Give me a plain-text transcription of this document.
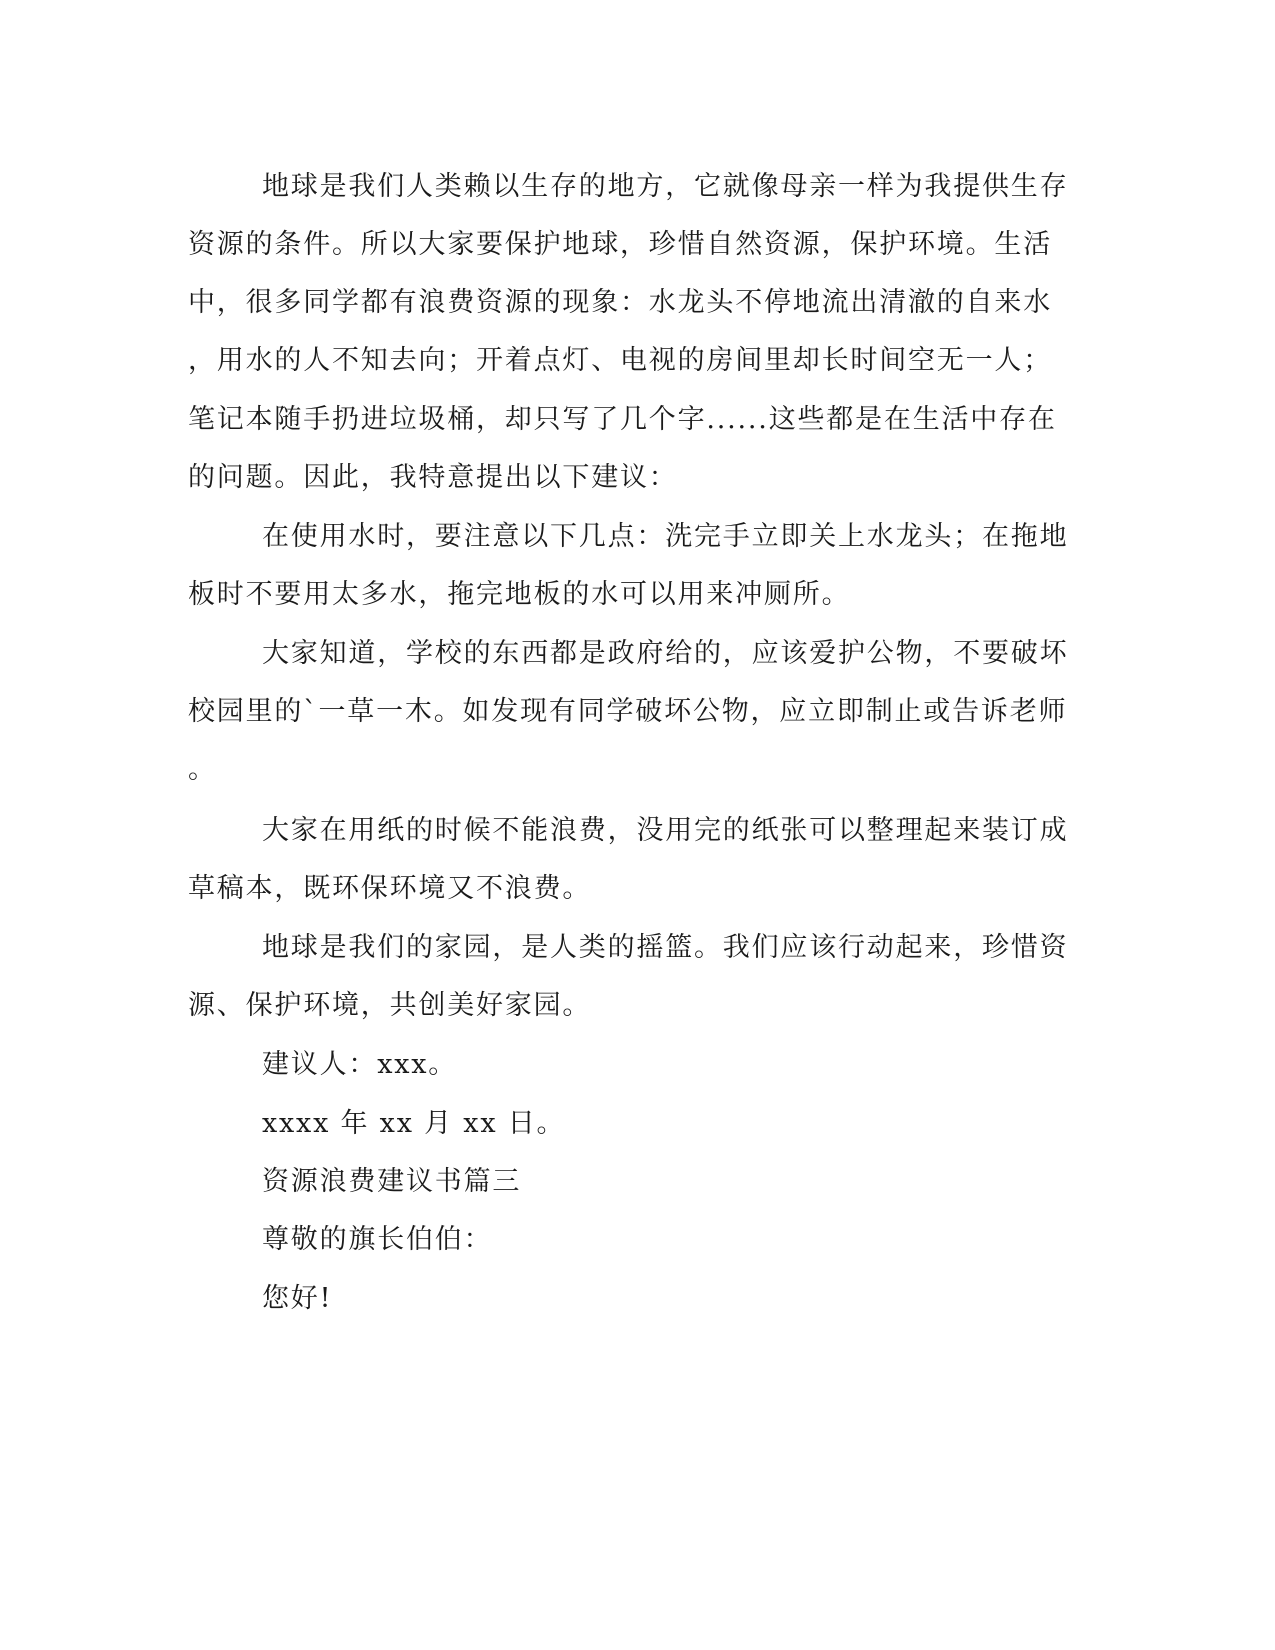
地球是我们人类赖以生存的地方，它就像母亲一样为我提供生存
资源的条件。所以大家要保护地球，珍惜自然资源，保护环境。生活
中，很多同学都有浪费资源的现象：水龙头不停地流出清澈的自来水
，用水的人不知去向；开着点灯、电视的房间里却长时间空无一人；
笔记本随手扔进垃圾桶，却只写了几个字......这些都是在生活中存在
的问题。因此，我特意提出以下建议：
在使用水时，要注意以下几点：洗完手立即关上水龙头；在拖地
板时不要用太多水，拖完地板的水可以用来冲厕所。
大家知道，学校的东西都是政府给的，应该爱护公物，不要破坏
校园里的`一草一木。如发现有同学破坏公物，应立即制止或告诉老师
。
大家在用纸的时候不能浪费，没用完的纸张可以整理起来装订成
草稿本，既环保环境又不浪费。
地球是我们的家园，是人类的摇篮。我们应该行动起来，珍惜资
源、保护环境，共创美好家园。
建议人：xxx。
xxxx 年 xx 月 xx 日。
资源浪费建议书篇三
尊敬的旗长伯伯：
您好!
